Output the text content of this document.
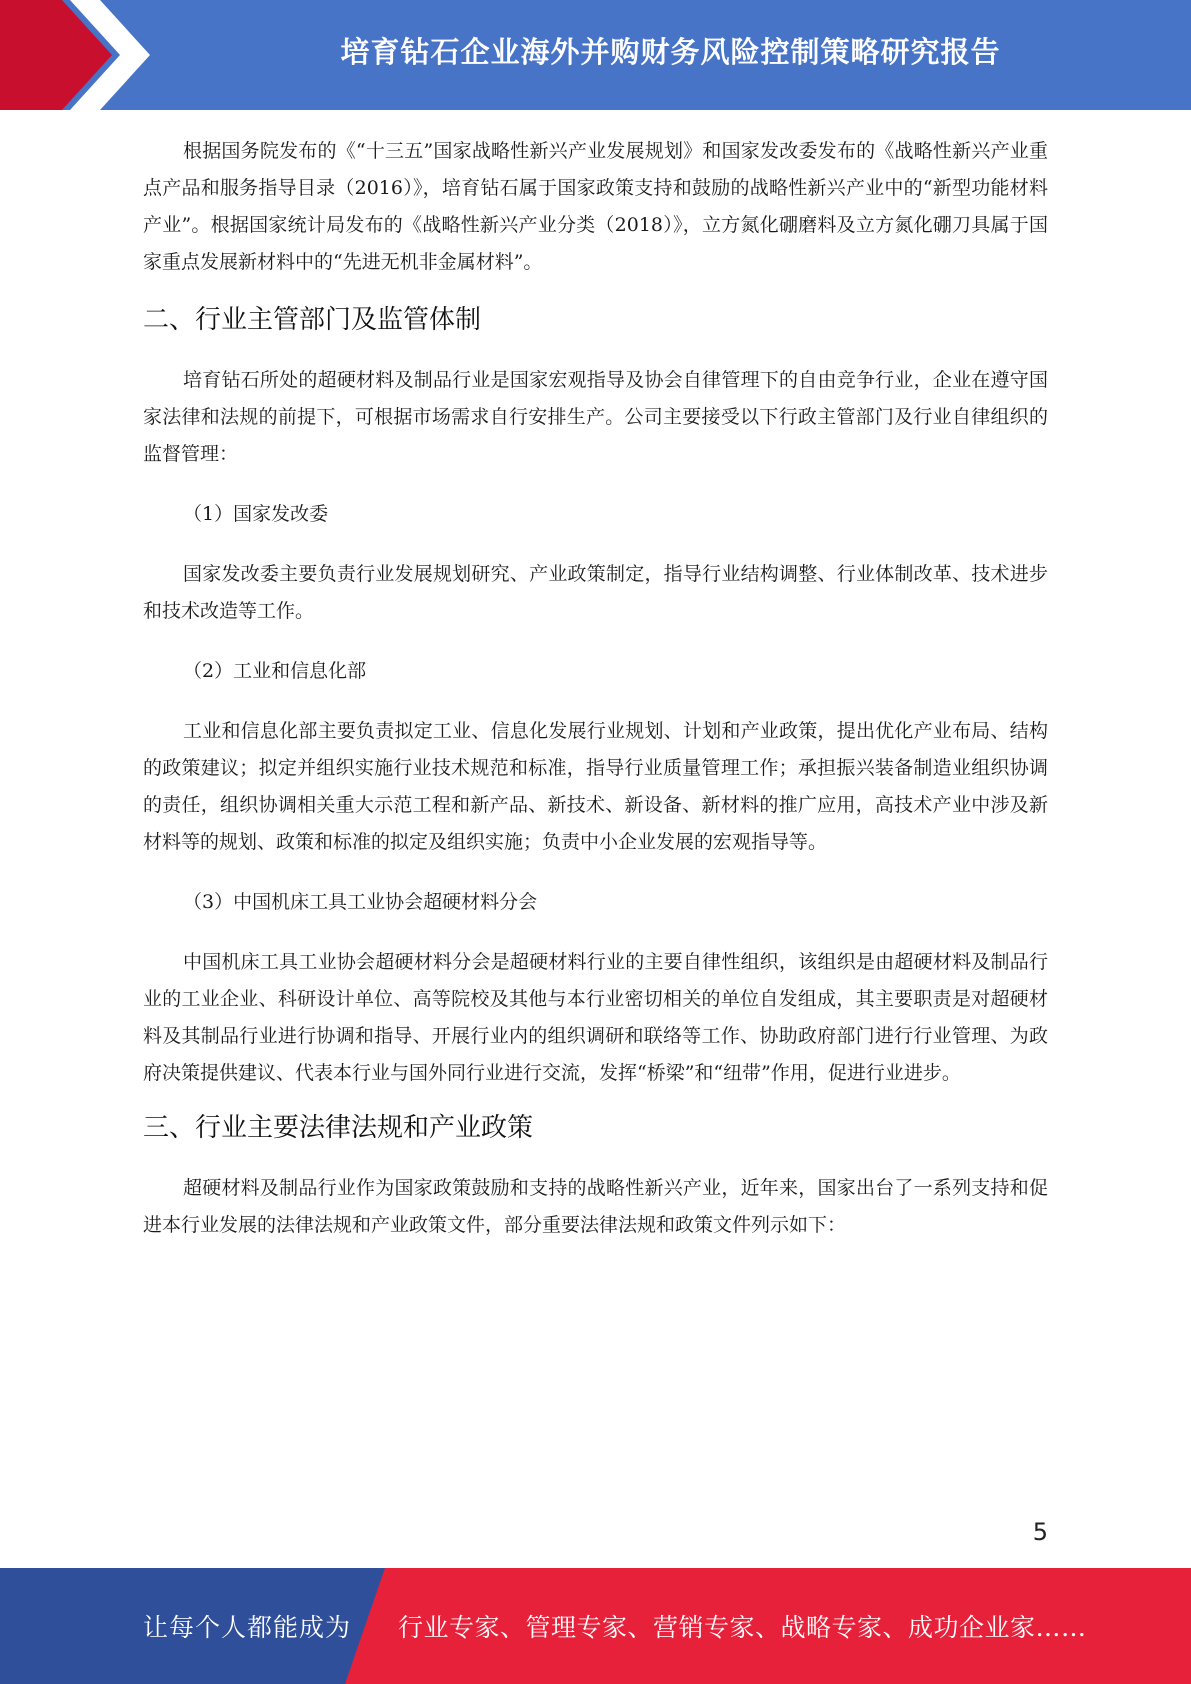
培育钻石企业海外并购财务风险控制策略研究报告

根据国务院发布的《“十三五”国家战略性新兴产业发展规划》和国家发改委发布的《战略性新兴产业重点产品和服务指导目录（2016）》，培育钻石属于国家政策支持和鼓励的战略性新兴产业中的“新型功能材料产业”。根据国家统计局发布的《战略性新兴产业分类（2018）》，立方氮化硼磨料及立方氮化硼刀具属于国家重点发展新材料中的“先进无机非金属材料”。

二、行业主管部门及监管体制

培育钻石所处的超硬材料及制品行业是国家宏观指导及协会自律管理下的自由竞争行业，企业在遵守国家法律和法规的前提下，可根据市场需求自行安排生产。公司主要接受以下行政主管部门及行业自律组织的监督管理：

（1）国家发改委

国家发改委主要负责行业发展规划研究、产业政策制定，指导行业结构调整、行业体制改革、技术进步和技术改造等工作。

（2）工业和信息化部

工业和信息化部主要负责拟定工业、信息化发展行业规划、计划和产业政策，提出优化产业布局、结构的政策建议；拟定并组织实施行业技术规范和标准，指导行业质量管理工作；承担振兴装备制造业组织协调的责任，组织协调相关重大示范工程和新产品、新技术、新设备、新材料的推广应用，高技术产业中涉及新材料等的规划、政策和标准的拟定及组织实施；负责中小企业发展的宏观指导等。

（3）中国机床工具工业协会超硬材料分会

中国机床工具工业协会超硬材料分会是超硬材料行业的主要自律性组织，该组织是由超硬材料及制品行业的工业企业、科研设计单位、高等院校及其他与本行业密切相关的单位自发组成，其主要职责是对超硬材料及其制品行业进行协调和指导、开展行业内的组织调研和联络等工作、协助政府部门进行行业管理、为政府决策提供建议、代表本行业与国外同行业进行交流，发挥“桥梁”和“纽带”作用，促进行业进步。

三、行业主要法律法规和产业政策

超硬材料及制品行业作为国家政策鼓励和支持的战略性新兴产业，近年来，国家出台了一系列支持和促进本行业发展的法律法规和产业政策文件，部分重要法律法规和政策文件列示如下：

5
让每个人都能成为 行业专家、管理专家、营销专家、战略专家、成功企业家……
